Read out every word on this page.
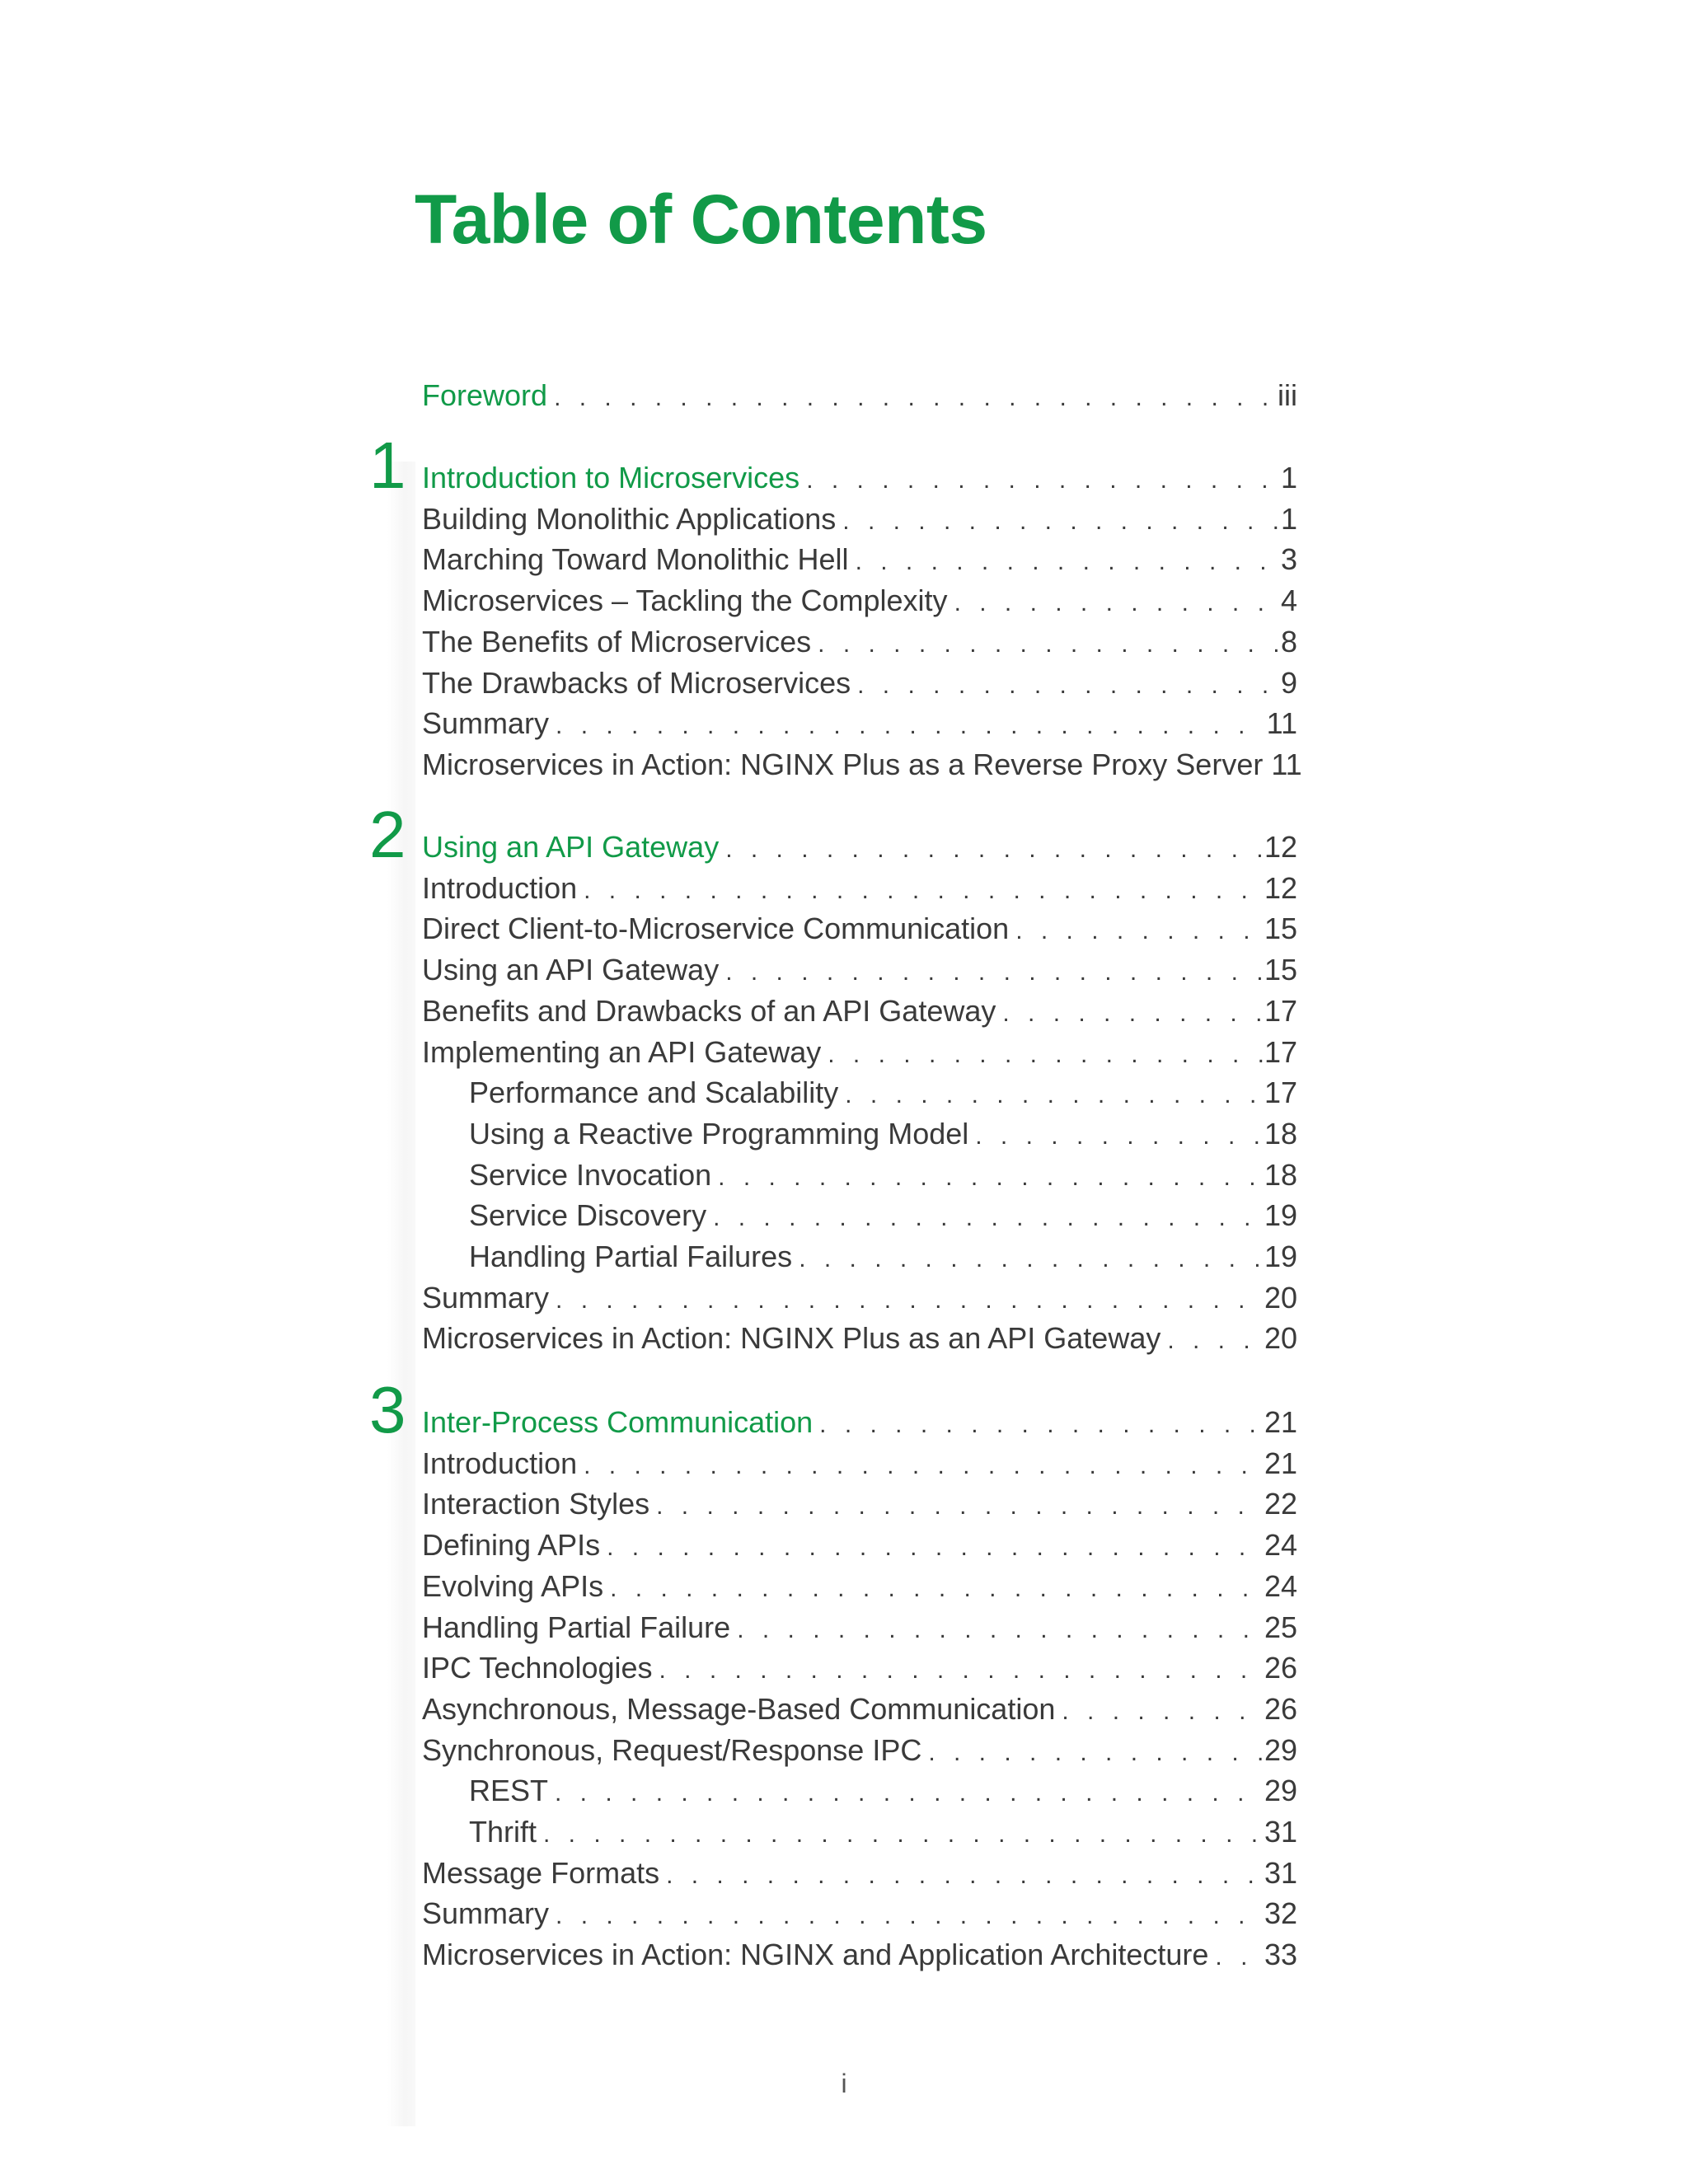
Table of Contents
Foreword . . .	iii
Introduction to Microservices . . .	1
Building Monolithic Applications . . .	1
Marching Toward Monolithic Hell . . .	3
Microservices – Tackling the Complexity . . .	4
The Benefits of Microservices . . .	8
The Drawbacks of Microservices . . .	9
Summary . . .	11
Microservices in Action: NGINX Plus as a Reverse Proxy Server 11
Using an API Gateway . . .	12
Introduction . . .	12
Direct Client-to-Microservice Communication . . .	15
Using an API Gateway . . .	15
Benefits and Drawbacks of an API Gateway . . .	17
Implementing an API Gateway . . .	17
Performance and Scalability . . .	17
Using a Reactive Programming Model . . .	18
Service Invocation . . .	18
Service Discovery . . .	19
Handling Partial Failures . . .	19
Summary . . .	20
Microservices in Action: NGINX Plus as an API Gateway . . .	20
Inter-Process Communication . . .	21
Introduction . . .	21
Interaction Styles . . .	22
Defining APIs . . .	24
Evolving APIs . . .	24
Handling Partial Failure . . .	25
IPC Technologies . . .	26
Asynchronous, Message-Based Communication . . .	26
Synchronous, Request/Response IPC . . .	29
REST . . .	29
Thrift . . .	31
Message Formats . . .	31
Summary . . .	32
Microservices in Action: NGINX and Application Architecture . . . 33
1
2
3
i
